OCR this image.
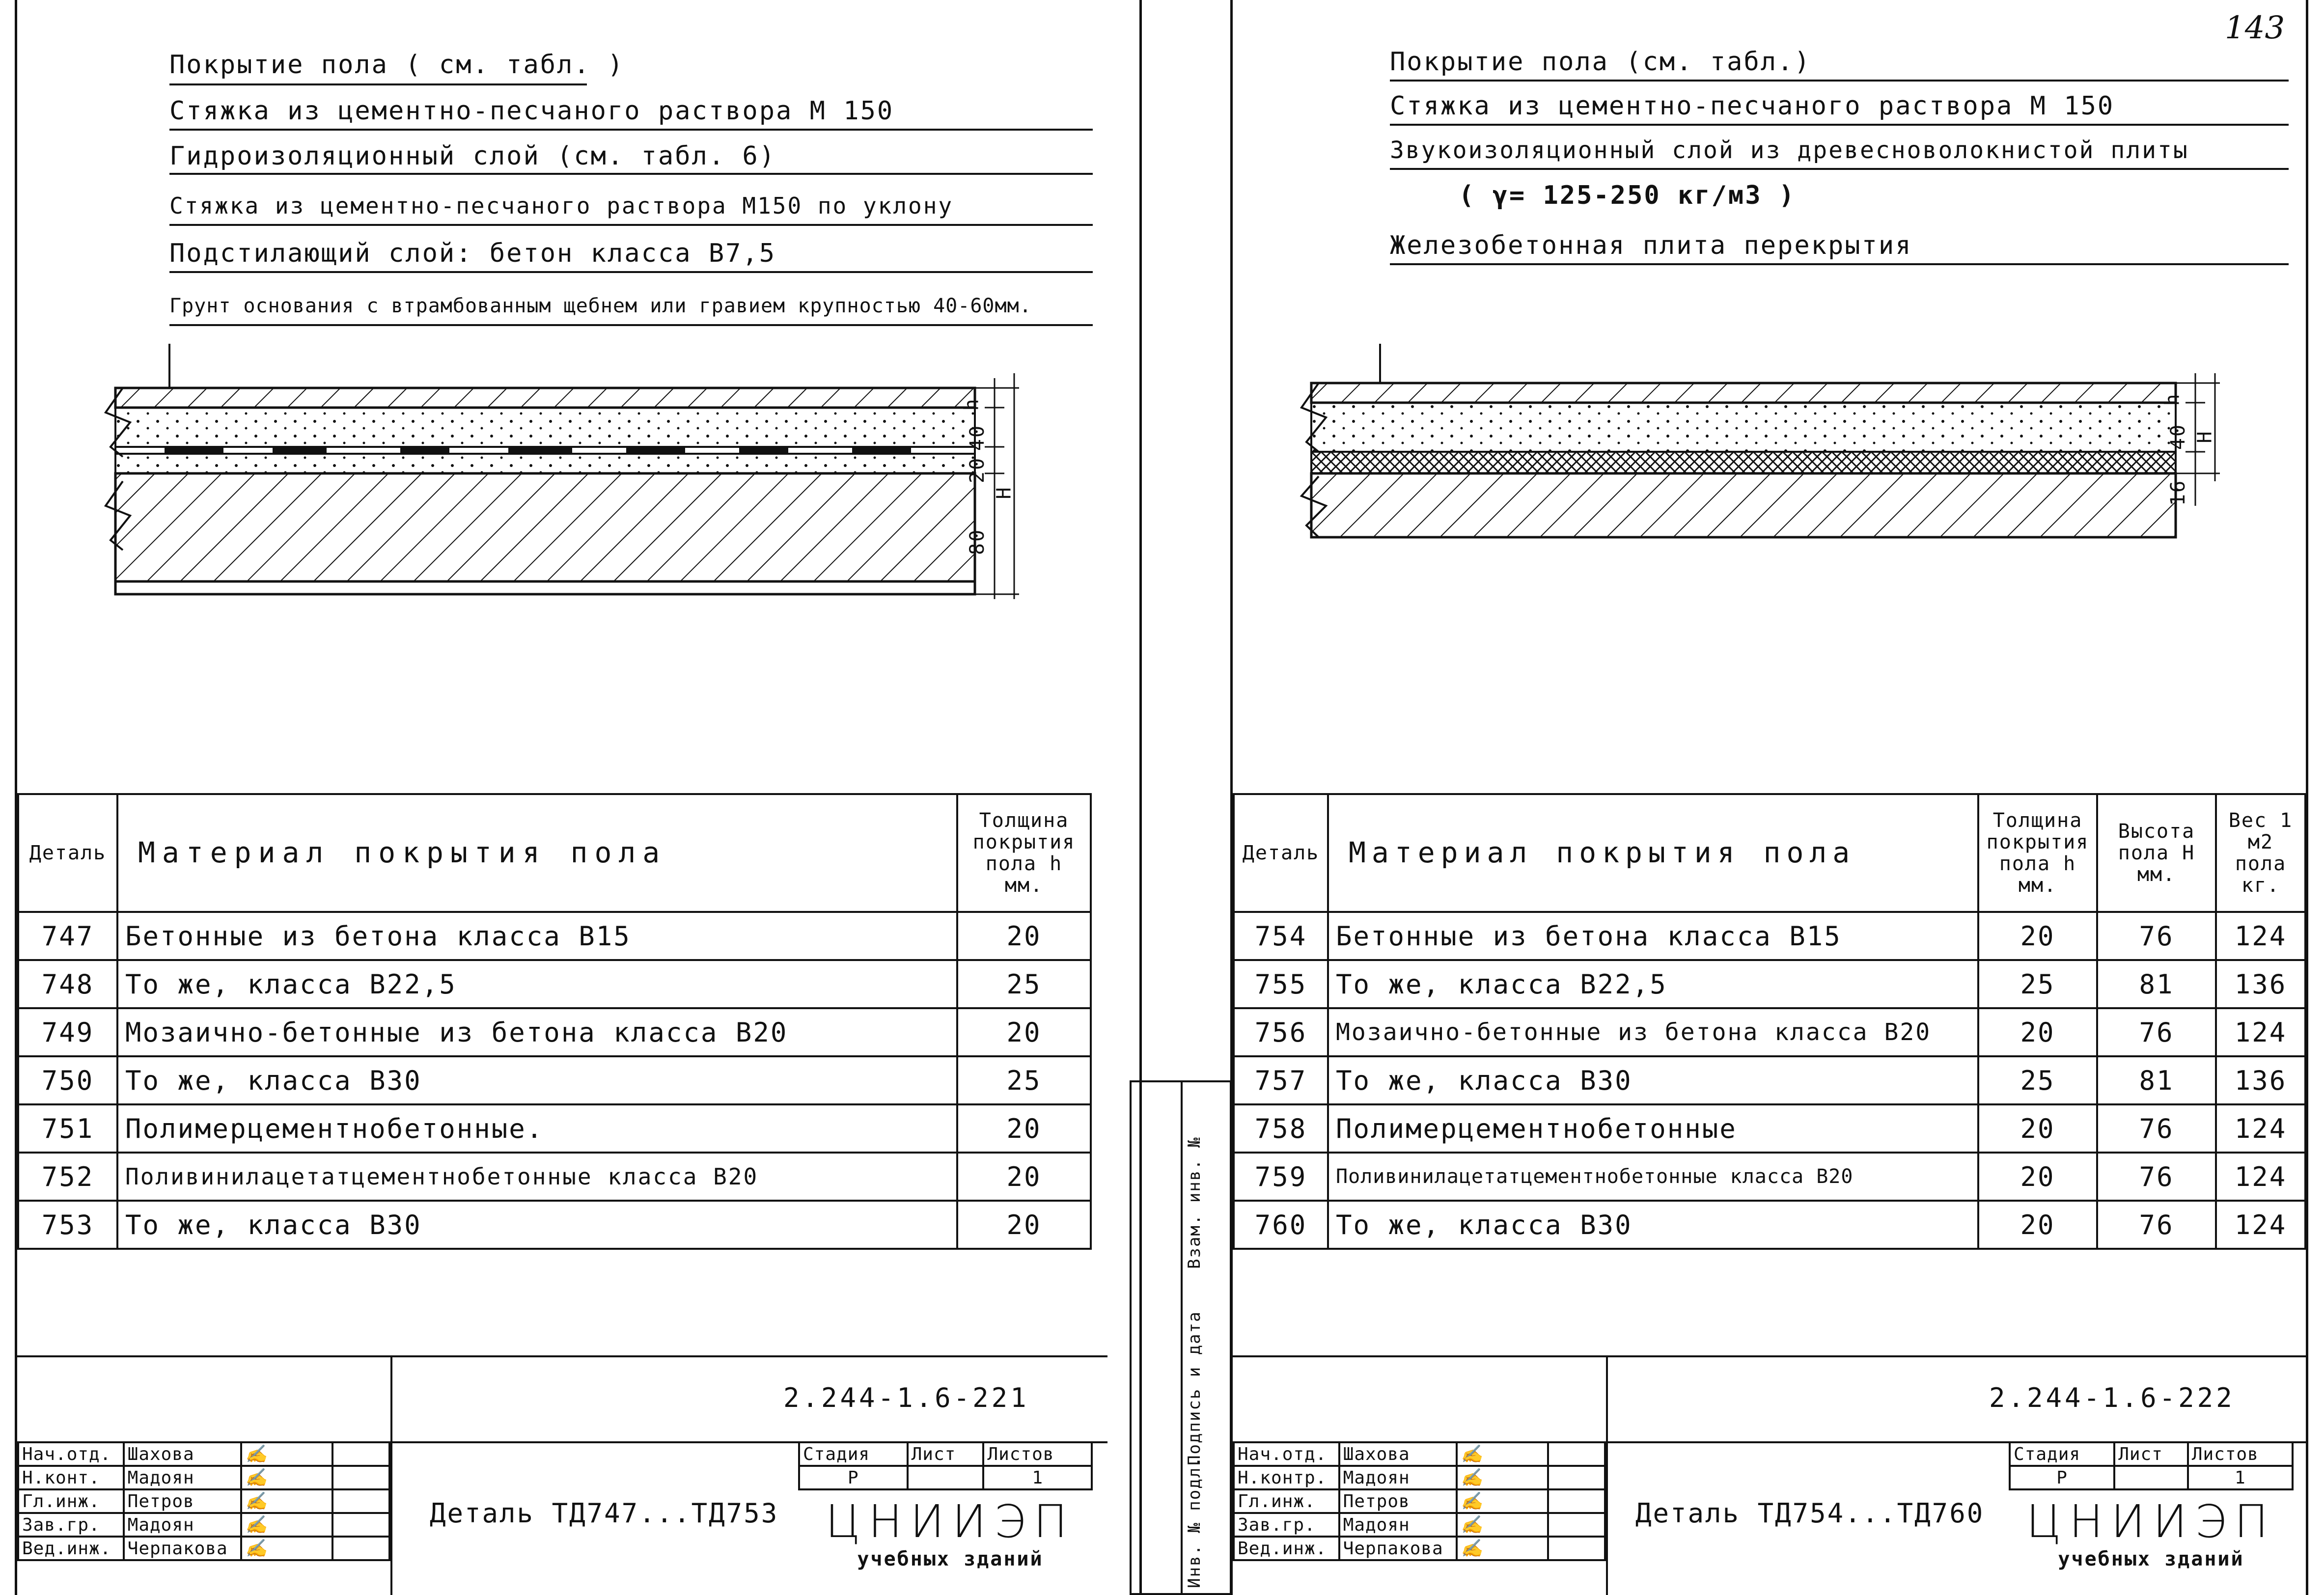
Покрытие пола ( см. табл. )
Стяжка из цементно-песчаного раствора М 150
Гидроизоляционный слой (см. табл. 6)
Стяжка из цементно-песчаного раствора М150 по уклону
Подстилающий слой: бетон класса В7,5
Грунт основания с втрамбованным щебнем или гравием крупностью 40-60мм.
h
40
20
80
H
Деталь	Материал покрытия пола	Толщина покрытия пола h мм.
747	Бетонные из бетона класса В15	20
748	То же, класса В22,5	25
749	Мозаично-бетонные из бетона класса В20	20
750	То же, класса В30	25
751	Полимерцементнобетонные.	20
752	Поливинилацетатцементнобетонные класса В20	20
753	То же, класса В30	20
2.244-1.6-221
Нач.отд.	Шахова	✍	
Н.конт.	Мадоян	✍	
Гл.инж.	Петров	✍	
Зав.гр.	Мадоян	✍	
Вед.инж.	Черпакова	✍	
Деталь ТД747...ТД753
Стадия	Лист	Листов
Р		1
ЦНИИЭП
учебных зданий
143
Взам. инв. №
Подпись и дата
Инв. № подл.
Покрытие пола (см. табл.)
Стяжка из цементно-песчаного раствора М 150
Звукоизоляционный слой из древесноволокнистой плиты
( γ= 125-250 кг/м3 )
Железобетонная плита перекрытия
h
40
16
H
Деталь	Материал покрытия пола	Толщина покрытия пола h мм.	Высота пола Н мм.	Вес 1 м2 пола кг.
754	Бетонные из бетона класса В15	20	76	124
755	То же, класса В22,5	25	81	136
756	Мозаично-бетонные из бетона класса В20	20	76	124
757	То же, класса В30	25	81	136
758	Полимерцементнобетонные	20	76	124
759	Поливинилацетатцементнобетонные класса В20	20	76	124
760	То же, класса В30	20	76	124
2.244-1.6-222
Нач.отд.	Шахова	✍	
Н.контр.	Мадоян	✍	
Гл.инж.	Петров	✍	
Зав.гр.	Мадоян	✍	
Вед.инж.	Черпакова	✍	
Деталь ТД754...ТД760
Стадия	Лист	Листов
Р		1
ЦНИИЭП
учебных зданий
